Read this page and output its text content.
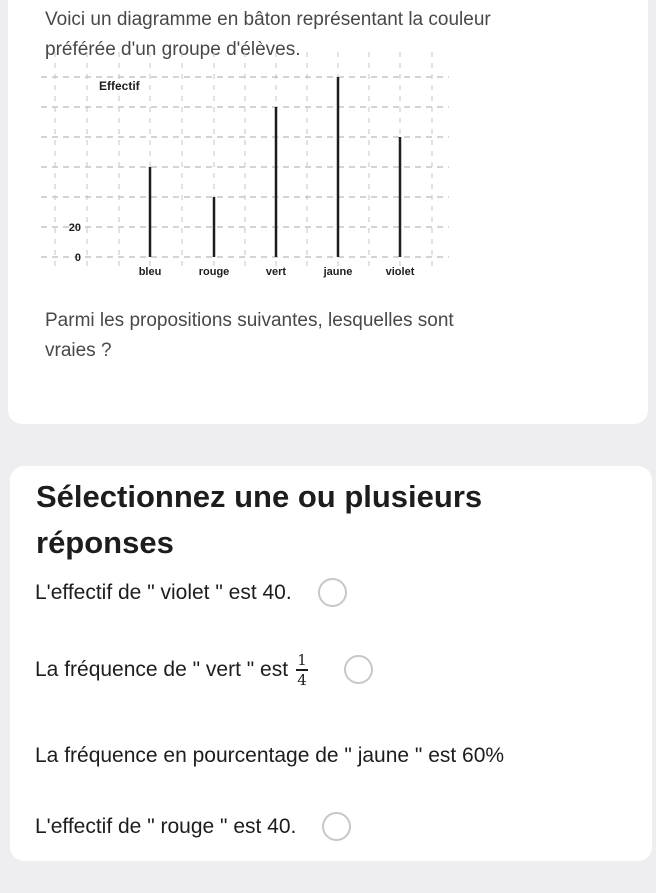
Voici un diagramme en bâton représentant la couleur
préférée d'un groupe d'élèves.
bleu	rouge	vert	jaune	violet
0
20
Effectif
Parmi les propositions suivantes, lesquelles sont
vraies ?
Sélectionnez une ou plusieurs réponses
L'effectif de " violet " est 40.
La fréquence de " vert " est $\frac{1}{4}$
La fréquence en pourcentage de " jaune " est 60%
L'effectif de " rouge " est 40.
